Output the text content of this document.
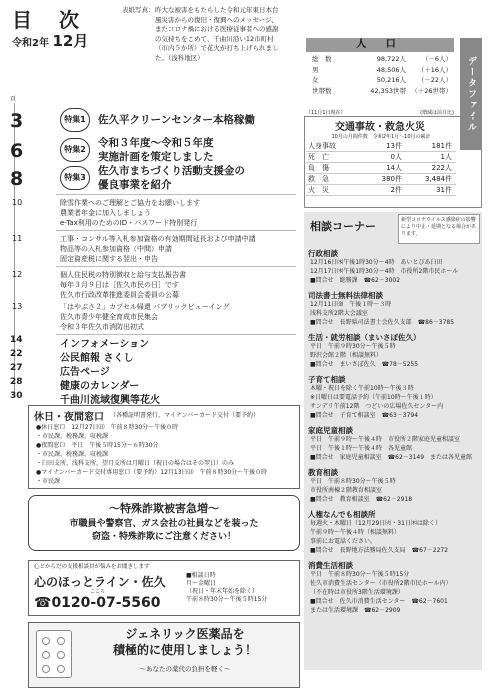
目 次
令和2年 12月
表紙写真： 昨大な被害をもたらした令和元年東日本台
風災害からの復旧・復興へのメッセージ、
またコロナ禍における医療従事者への感謝
の気持ちをこめて、千曲川沿い12市町村
（市内５か所）で花火が打ち上げられまし
た。（浅科地区）
頁
3	特集1	佐久平クリーンセンター本格稼働
6	特集2
令和３年度～令和５年度
実施計画を策定しました
8	特集3
佐久市まちづくり活動支援金の
優良事業を紹介
10	除雪作業へのご理解とご協力をお願いします
農業者年金に加入しましょう
e-Tax利用のためのID・パスワード特別発行
11	工事・コンサル等入札参加資格の有効期間延長および申請中請
物品等の入札参加資格（中間）申請
固定資産税に関する翌出・申告
12	個人住民税の特別徴収と給与支払報告書
毎年３月９日は［佐久市民の日］です
佐久市行政改革推進委員会委員の公募
13	「はやぶさ２」カプセル帰還 パブリックビューイング
佐久市青少年健全育成市民集会
令和３年佐久市消防出初式
14	インフォメーション
22	公民館報 さくし
27	広告ページ
28	健康のカレンダー
30	千曲川流域復興等花火
休日・夜間窓口 （各種証明書発行、マイナンバーカード交付（要予約）
●休日窓口　12月27日㈰　午前８時30分～午後０時
・市民課、税務課、収税課
●夜間窓口　平日　午後５時15分～６時30分
・市民課、税務課、収税課
・臼田支所、浅科支所、望月支所は月曜日（祝日の場合はその翌日）のみ
●マイナンバーカード交付専用窓口（要予約）12月13日㈰　午前８時30分～午後０時
・市民課
～特殊詐欺被害急増～
市職員や警察官、ガス会社の社員などを装った
窃盗・特殊詐欺にご注意ください！
心とからだの支援相談員が悩みをお聞きします
心のほっとライン・佐久
こころ
☎0120-07-5560
■相談日時
月～金曜日
（祝日・年末年始を除く）
午前８時30分～午後５時15分
ジェネリック医薬品を
積極的に使用しましょう！
～あなたの薬代の負担を軽く～
人 口
総　数	98,722人	（－6人）
男	48,506人	（＋16人）
女	50,216人	（－22人）
世帯数	42,353世帯 （＋26世帯）
（11月1日現在）	(増減は前月比)	データファイル
交通事故・救急火災
10月の月間件数　令和2年1月～10月の累計
人身事故	13件	181件
死　亡	0人	1人
負　傷	14人	222人
救　急	380件	3,484件
火　災	2件	31件
相談コーナー	新型コロナウイルス感染症の影響により中止・延期となる場合があります。
行政相談
12月16日㈬午後1時30分～4時　あいとぴあ臼田
12月17日㈭午後1時30分～4時　市役所2階市民ホール
■問合せ　総務課　☎62－3002
司法書士無料法律相談
12月11日㈮　午後１時～３時
浅科支所2階大会議室
■問合せ　長野県司法書士会佐久支部　☎86－3785
生活・就労相談（まいさぽ佐久）
平日　午前９時30分～午後５時
野沢会館２階（相談無料）
■問合せ　まいさぽ佐久　☎78－5255
子育て相談
木曜・祝日を除く午前10時～午後３時
※日曜日は要電話予約（午前10時～午後１時）
サンデリ午前12階　つどいの広場佐久センター内
■問合せ　子育て相談室　☎63－3794
家庭児童相談
平日　午前９時～午後４時　市役所２階家庭児童相談室
平日　午後１時～午後４時　各児童館
■問合せ　家庭児童相談室　☎62－3149　または各児童館
教育相談
平日　午前８時30分～午後５時
市役所南棟２階教育相談室
■問合せ　教育相談室　☎62－2918
人権なんでも相談所
毎週火・木曜日（12月29日㈫・31日㈭は除く）
午前９時～午後４時（相談無料）
事前にお電話ください。
■問合せ　長野地方法務局佐久支局　☎67－2272
消費生活相談
平日　午前８時30分～午後５時15分
佐久市消費生活センター（市役所2階市民ホール内）
（不在時は市役所3階生活環境課）
■問合せ　佐久市消費生活センター　☎62－7601
または生活環境課　☎62－2909
